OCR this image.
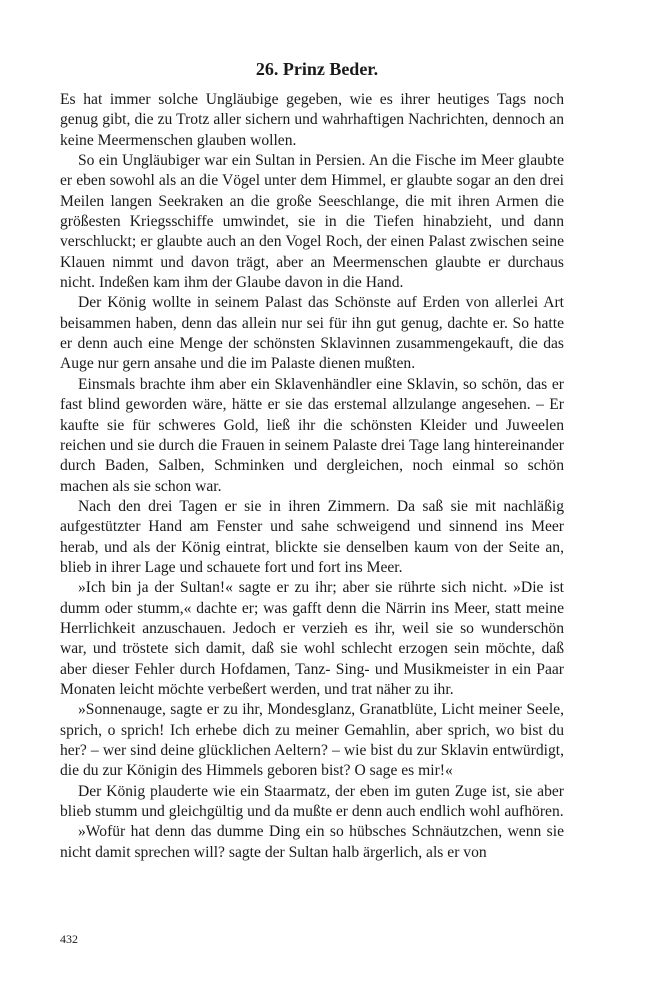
26. Prinz Beder.

Es hat immer solche Ungläubige gegeben, wie es ihrer heutiges Tags noch genug gibt, die zu Trotz aller sichern und wahrhaftigen Nachrichten, dennoch an keine Meermenschen glauben wollen.

So ein Ungläubiger war ein Sultan in Persien. An die Fische im Meer glaubte er eben sowohl als an die Vögel unter dem Himmel, er glaubte sogar an den drei Meilen langen Seekraken an die große Seeschlange, die mit ihren Armen die größesten Kriegsschiffe umwindet, sie in die Tiefen hinabzieht, und dann verschluckt; er glaubte auch an den Vogel Roch, der einen Palast zwischen seine Klauen nimmt und davon trägt, aber an Meermenschen glaubte er durchaus nicht. Indeßen kam ihm der Glaube davon in die Hand.

Der König wollte in seinem Palast das Schönste auf Erden von allerlei Art beisammen haben, denn das allein nur sei für ihn gut genug, dachte er. So hatte er denn auch eine Menge der schönsten Sklavinnen zusammengekauft, die das Auge nur gern ansahe und die im Palaste dienen mußten.

Einsmals brachte ihm aber ein Sklavenhändler eine Sklavin, so schön, das er fast blind geworden wäre, hätte er sie das erstemal allzulange angesehen. – Er kaufte sie für schweres Gold, ließ ihr die schönsten Kleider und Juweelen reichen und sie durch die Frauen in seinem Palaste drei Tage lang hintereinander durch Baden, Salben, Schminken und dergleichen, noch einmal so schön machen als sie schon war.

Nach den drei Tagen er sie in ihren Zimmern. Da saß sie mit nachläßig aufgestützter Hand am Fenster und sahe schweigend und sinnend ins Meer herab, und als der König eintrat, blickte sie denselben kaum von der Seite an, blieb in ihrer Lage und schauete fort und fort ins Meer.

»Ich bin ja der Sultan!« sagte er zu ihr; aber sie rührte sich nicht. »Die ist dumm oder stumm,« dachte er; was gafft denn die Närrin ins Meer, statt meine Herrlichkeit anzuschauen. Jedoch er verzieh es ihr, weil sie so wunderschön war, und tröstete sich damit, daß sie wohl schlecht erzogen sein möchte, daß aber dieser Fehler durch Hofdamen, Tanz- Sing- und Musikmeister in ein Paar Monaten leicht möchte verbeßert werden, und trat näher zu ihr.

»Sonnenauge, sagte er zu ihr, Mondesglanz, Granatblüte, Licht meiner Seele, sprich, o sprich! Ich erhebe dich zu meiner Gemahlin, aber sprich, wo bist du her? – wer sind deine glücklichen Aeltern? – wie bist du zur Sklavin entwürdigt, die du zur Königin des Himmels geboren bist? O sage es mir!«

Der König plauderte wie ein Staarmatz, der eben im guten Zuge ist, sie aber blieb stumm und gleichgültig und da mußte er denn auch endlich wohl aufhören.

»Wofür hat denn das dumme Ding ein so hübsches Schnäutzchen, wenn sie nicht damit sprechen will? sagte der Sultan halb ärgerlich, als er von

432
